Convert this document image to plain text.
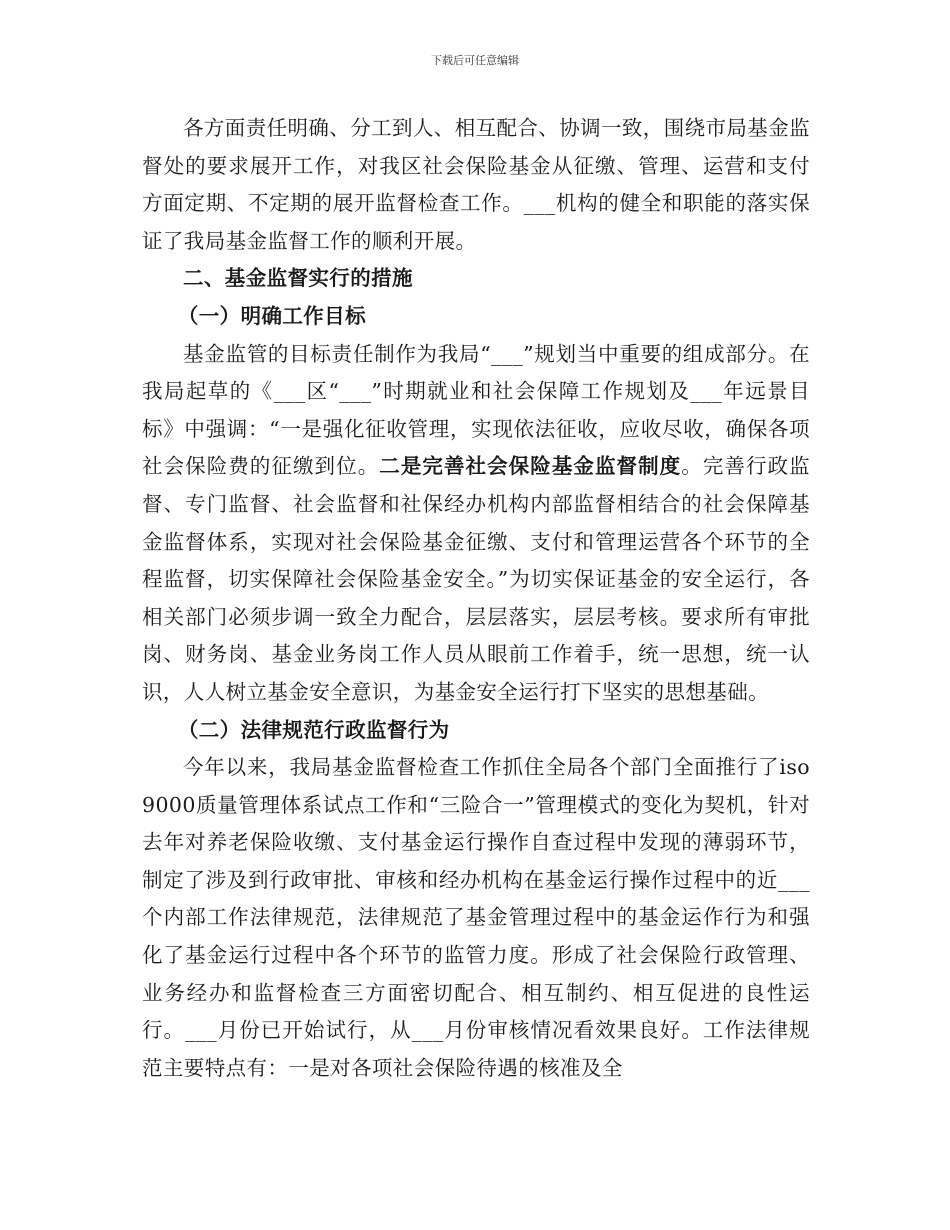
下载后可任意编辑

各方面责任明确、分工到人、相互配合、协调一致，围绕市局基金监督处的要求展开工作，对我区社会保险基金从征缴、管理、运营和支付方面定期、不定期的展开监督检查工作。___机构的健全和职能的落实保证了我局基金监督工作的顺利开展。

二、基金监督实行的措施

（一）明确工作目标

基金监管的目标责任制作为我局“___”规划当中重要的组成部分。在我局起草的《___区“___”时期就业和社会保障工作规划及___年远景目标》中强调：“一是强化征收管理，实现依法征收，应收尽收，确保各项社会保险费的征缴到位。二是完善社会保险基金监督制度。完善行政监督、专门监督、社会监督和社保经办机构内部监督相结合的社会保障基金监督体系，实现对社会保险基金征缴、支付和管理运营各个环节的全程监督，切实保障社会保险基金安全。”为切实保证基金的安全运行，各相关部门必须步调一致全力配合，层层落实，层层考核。要求所有审批岗、财务岗、基金业务岗工作人员从眼前工作着手，统一思想，统一认识，人人树立基金安全意识，为基金安全运行打下坚实的思想基础。

（二）法律规范行政监督行为

今年以来，我局基金监督检查工作抓住全局各个部门全面推行了iso9000质量管理体系试点工作和“三险合一”管理模式的变化为契机，针对去年对养老保险收缴、支付基金运行操作自查过程中发现的薄弱环节，制定了涉及到行政审批、审核和经办机构在基金运行操作过程中的近___个内部工作法律规范，法律规范了基金管理过程中的基金运作行为和强化了基金运行过程中各个环节的监管力度。形成了社会保险行政管理、业务经办和监督检查三方面密切配合、相互制约、相互促进的良性运行。___月份已开始试行，从___月份审核情况看效果良好。工作法律规范主要特点有：一是对各项社会保险待遇的核准及全
